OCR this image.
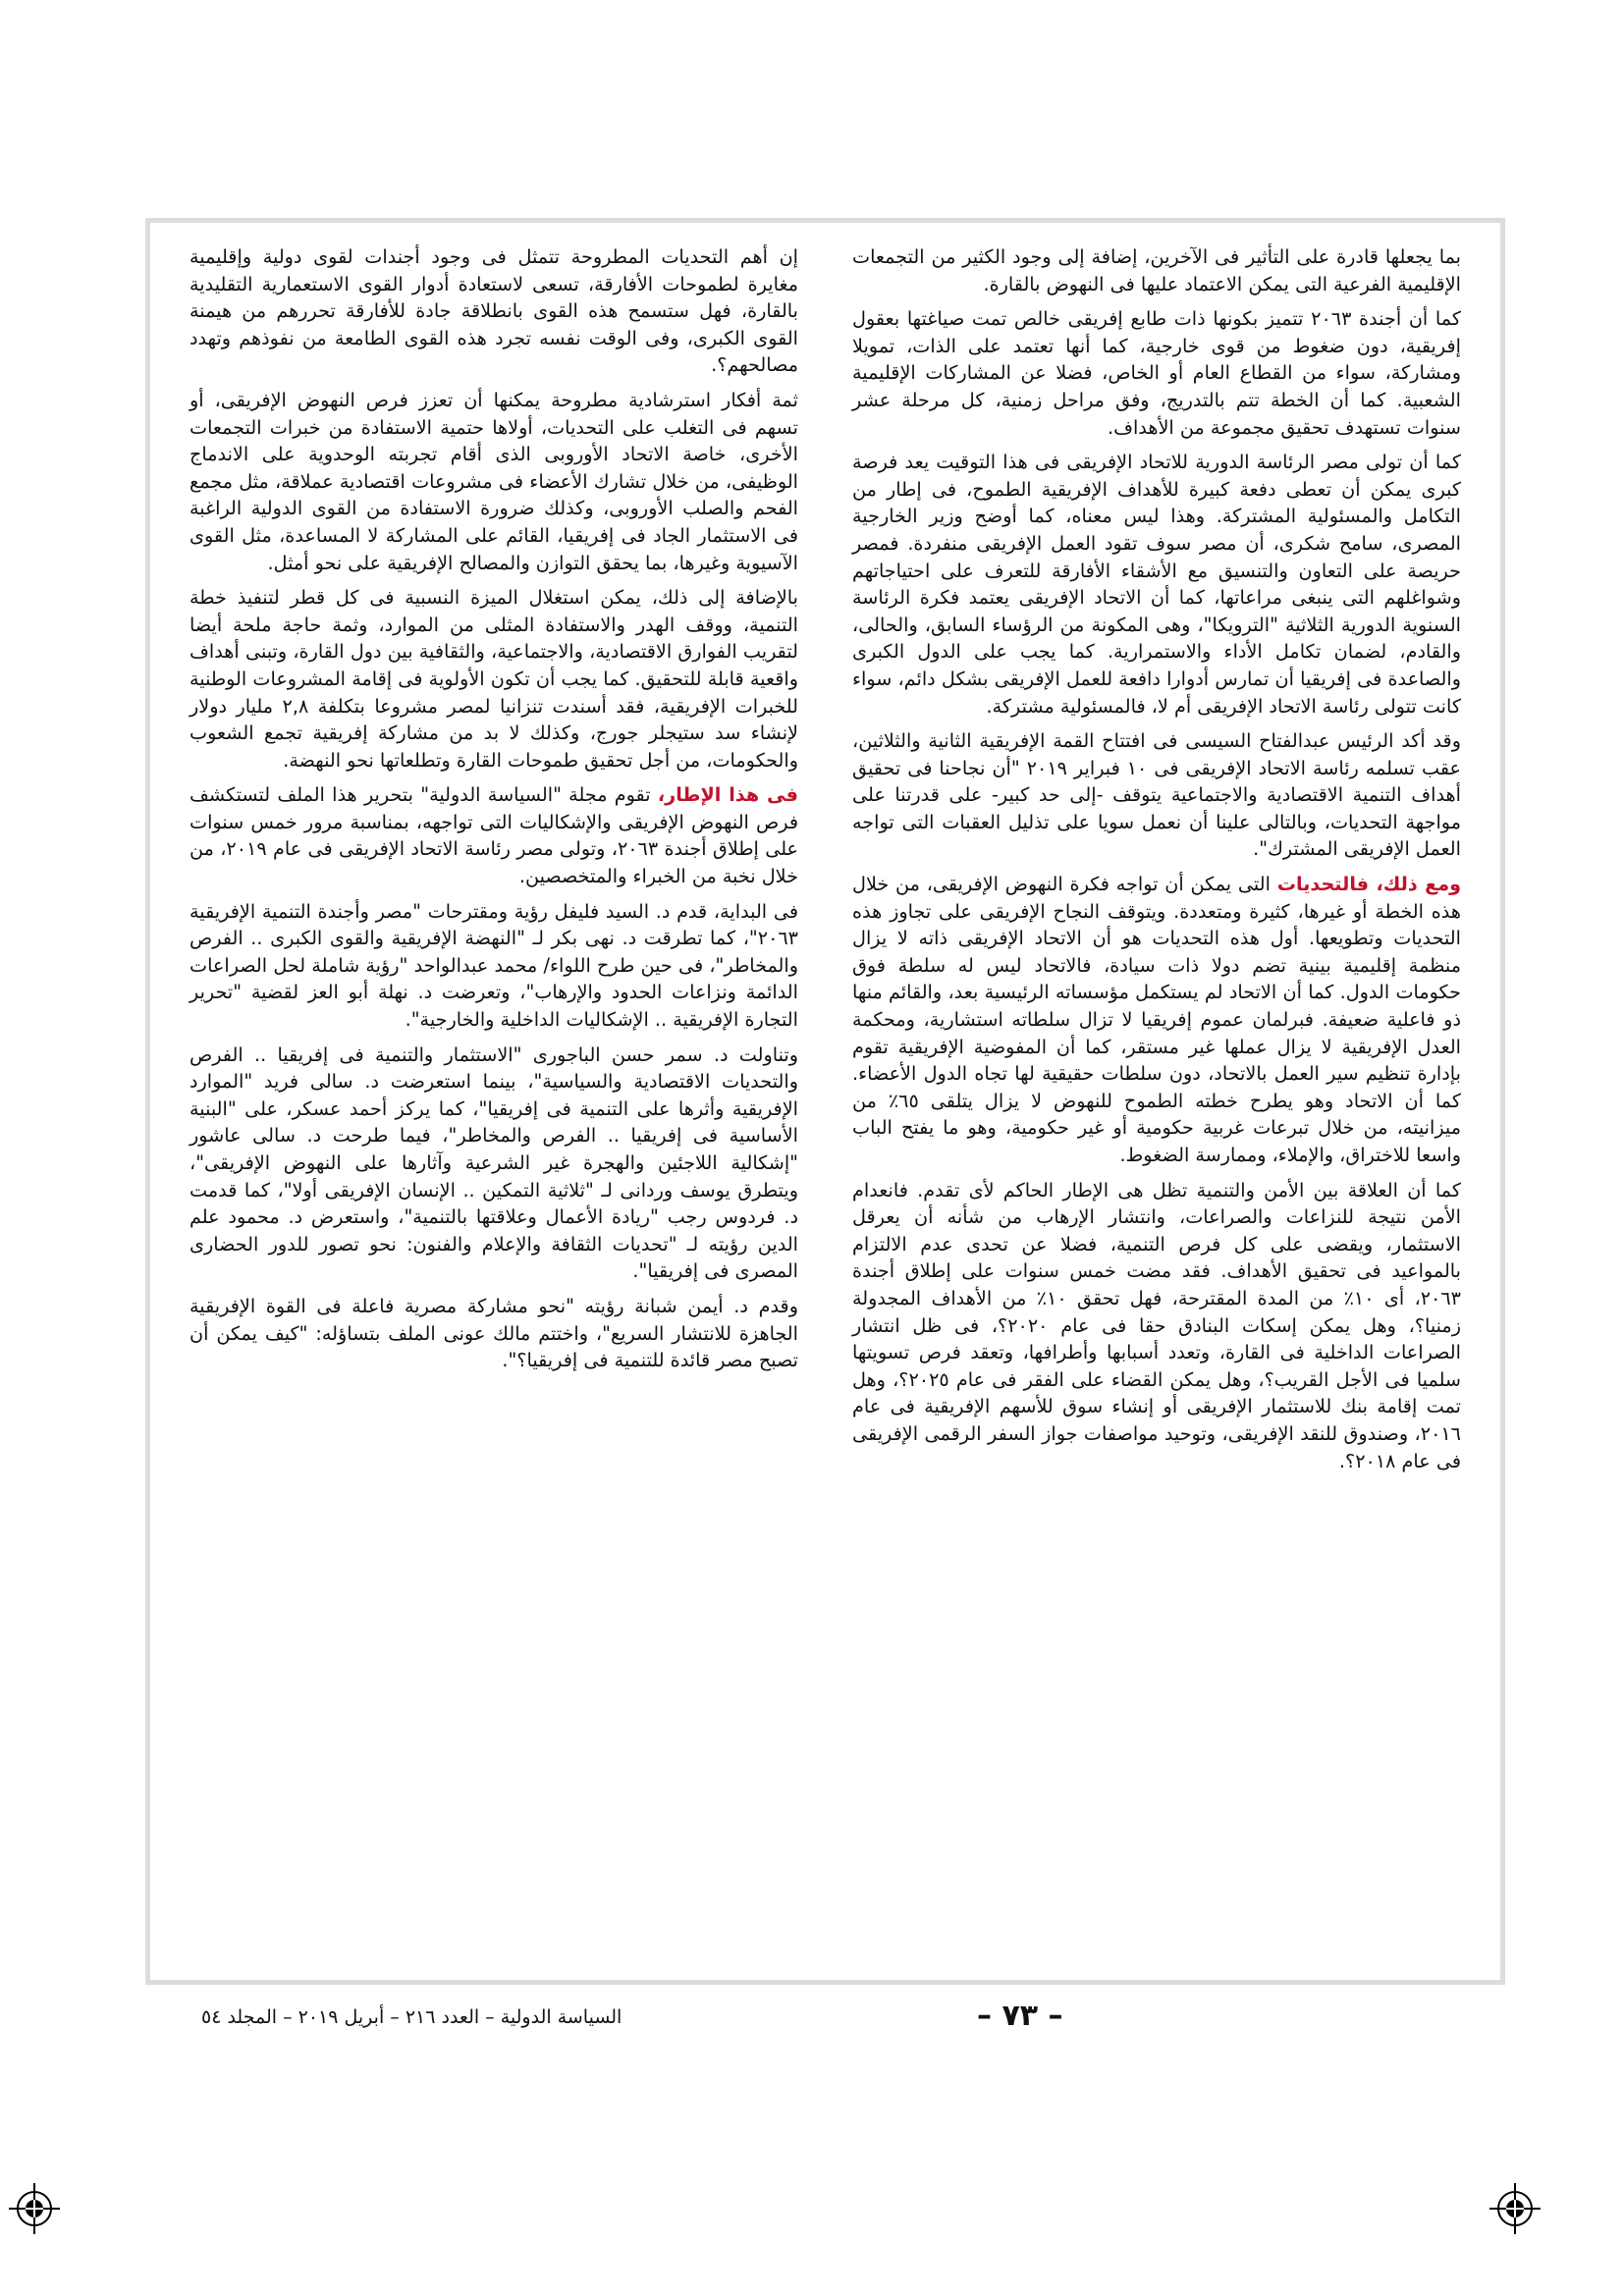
بما يجعلها قادرة على التأثير فى الآخرين، إضافة إلى وجود الكثير من التجمعات الإقليمية الفرعية التى يمكن الاعتماد عليها فى النهوض بالقارة.

كما أن أجندة ٢٠٦٣ تتميز بكونها ذات طابع إفريقى خالص تمت صياغتها بعقول إفريقية، دون ضغوط من قوى خارجية، كما أنها تعتمد على الذات، تمويلا ومشاركة، سواء من القطاع العام أو الخاص، فضلا عن المشاركات الإقليمية الشعبية. كما أن الخطة تتم بالتدريج، وفق مراحل زمنية، كل مرحلة عشر سنوات تستهدف تحقيق مجموعة من الأهداف.

كما أن تولى مصر الرئاسة الدورية للاتحاد الإفريقى فى هذا التوقيت يعد فرصة كبرى يمكن أن تعطى دفعة كبيرة للأهداف الإفريقية الطموح، فى إطار من التكامل والمسئولية المشتركة. وهذا ليس معناه، كما أوضح وزير الخارجية المصرى، سامح شكرى، أن مصر سوف تقود العمل الإفريقى منفردة. فمصر حريصة على التعاون والتنسيق مع الأشقاء الأفارقة للتعرف على احتياجاتهم وشواغلهم التى ينبغى مراعاتها، كما أن الاتحاد الإفريقى يعتمد فكرة الرئاسة السنوية الدورية الثلاثية "الترويكا"، وهى المكونة من الرؤساء السابق، والحالى، والقادم، لضمان تكامل الأداء والاستمرارية. كما يجب على الدول الكبرى والصاعدة فى إفريقيا أن تمارس أدوارا دافعة للعمل الإفريقى بشكل دائم، سواء كانت تتولى رئاسة الاتحاد الإفريقى أم لا، فالمسئولية مشتركة.

وقد أكد الرئيس عبدالفتاح السيسى فى افتتاح القمة الإفريقية الثانية والثلاثين، عقب تسلمه رئاسة الاتحاد الإفريقى فى ١٠ فبراير ٢٠١٩ "أن نجاحنا فى تحقيق أهداف التنمية الاقتصادية والاجتماعية يتوقف -إلى حد كبير- على قدرتنا على مواجهة التحديات، وبالتالى علينا أن نعمل سويا على تذليل العقبات التى تواجه العمل الإفريقى المشترك".

ومع ذلك، فالتحديات التى يمكن أن تواجه فكرة النهوض الإفريقى، من خلال هذه الخطة أو غيرها، كثيرة ومتعددة. ويتوقف النجاح الإفريقى على تجاوز هذه التحديات وتطويعها. أول هذه التحديات هو أن الاتحاد الإفريقى ذاته لا يزال منظمة إقليمية بينية تضم دولا ذات سيادة، فالاتحاد ليس له سلطة فوق حكومات الدول. كما أن الاتحاد لم يستكمل مؤسساته الرئيسية بعد، والقائم منها ذو فاعلية ضعيفة. فبرلمان عموم إفريقيا لا تزال سلطاته استشارية، ومحكمة العدل الإفريقية لا يزال عملها غير مستقر، كما أن المفوضية الإفريقية تقوم بإدارة تنظيم سير العمل بالاتحاد، دون سلطات حقيقية لها تجاه الدول الأعضاء. كما أن الاتحاد وهو يطرح خطته الطموح للنهوض لا يزال يتلقى ٦٥٪ من ميزانيته، من خلال تبرعات غربية حكومية أو غير حكومية، وهو ما يفتح الباب واسعا للاختراق، والإملاء، وممارسة الضغوط.

كما أن العلاقة بين الأمن والتنمية تظل هى الإطار الحاكم لأى تقدم. فانعدام الأمن نتيجة للنزاعات والصراعات، وانتشار الإرهاب من شأنه أن يعرقل الاستثمار، ويقضى على كل فرص التنمية، فضلا عن تحدى عدم الالتزام بالمواعيد فى تحقيق الأهداف. فقد مضت خمس سنوات على إطلاق أجندة ٢٠٦٣، أى ١٠٪ من المدة المقترحة، فهل تحقق ١٠٪ من الأهداف المجدولة زمنيا؟، وهل يمكن إسكات البنادق حقا فى عام ٢٠٢٠؟، فى ظل انتشار الصراعات الداخلية فى القارة، وتعدد أسبابها وأطرافها، وتعقد فرص تسويتها سلميا فى الأجل القريب؟، وهل يمكن القضاء على الفقر فى عام ٢٠٢٥؟، وهل تمت إقامة بنك للاستثمار الإفريقى أو إنشاء سوق للأسهم الإفريقية فى عام ٢٠١٦، وصندوق للنقد الإفريقى، وتوحيد مواصفات جواز السفر الرقمى الإفريقى فى عام ٢٠١٨؟.

إن أهم التحديات المطروحة تتمثل فى وجود أجندات لقوى دولية وإقليمية مغايرة لطموحات الأفارقة، تسعى لاستعادة أدوار القوى الاستعمارية التقليدية بالقارة، فهل ستسمح هذه القوى بانطلاقة جادة للأفارقة تحررهم من هيمنة القوى الكبرى، وفى الوقت نفسه تجرد هذه القوى الطامعة من نفوذهم وتهدد مصالحهم؟.

ثمة أفكار استرشادية مطروحة يمكنها أن تعزز فرص النهوض الإفريقى، أو تسهم فى التغلب على التحديات، أولاها حتمية الاستفادة من خبرات التجمعات الأخرى، خاصة الاتحاد الأوروبى الذى أقام تجربته الوحدوية على الاندماج الوظيفى، من خلال تشارك الأعضاء فى مشروعات اقتصادية عملاقة، مثل مجمع الفحم والصلب الأوروبى، وكذلك ضرورة الاستفادة من القوى الدولية الراغبة فى الاستثمار الجاد فى إفريقيا، القائم على المشاركة لا المساعدة، مثل القوى الآسيوية وغيرها، بما يحقق التوازن والمصالح الإفريقية على نحو أمثل.

بالإضافة إلى ذلك، يمكن استغلال الميزة النسبية فى كل قطر لتنفيذ خطة التنمية، ووقف الهدر والاستفادة المثلى من الموارد، وثمة حاجة ملحة أيضا لتقريب الفوارق الاقتصادية، والاجتماعية، والثقافية بين دول القارة، وتبنى أهداف واقعية قابلة للتحقيق. كما يجب أن تكون الأولوية فى إقامة المشروعات الوطنية للخبرات الإفريقية، فقد أسندت تنزانيا لمصر مشروعا بتكلفة ٢,٨ مليار دولار لإنشاء سد ستيجلر جورج، وكذلك لا بد من مشاركة إفريقية تجمع الشعوب والحكومات، من أجل تحقيق طموحات القارة وتطلعاتها نحو النهضة.

فى هذا الإطار، تقوم مجلة "السياسة الدولية" بتحرير هذا الملف لتستكشف فرص النهوض الإفريقى والإشكاليات التى تواجهه، بمناسبة مرور خمس سنوات على إطلاق أجندة ٢٠٦٣، وتولى مصر رئاسة الاتحاد الإفريقى فى عام ٢٠١٩، من خلال نخبة من الخبراء والمتخصصين.

فى البداية، قدم د. السيد فليفل رؤية ومقترحات "مصر وأجندة التنمية الإفريقية ٢٠٦٣"، كما تطرقت د. نهى بكر لـ "النهضة الإفريقية والقوى الكبرى .. الفرص والمخاطر"، فى حين طرح اللواء/ محمد عبدالواحد "رؤية شاملة لحل الصراعات الدائمة ونزاعات الحدود والإرهاب"، وتعرضت د. نهلة أبو العز لقضية "تحرير التجارة الإفريقية .. الإشكاليات الداخلية والخارجية".

وتناولت د. سمر حسن الباجورى "الاستثمار والتنمية فى إفريقيا .. الفرص والتحديات الاقتصادية والسياسية"، بينما استعرضت د. سالى فريد "الموارد الإفريقية وأثرها على التنمية فى إفريقيا"، كما يركز أحمد عسكر، على "البنية الأساسية فى إفريقيا .. الفرص والمخاطر"، فيما طرحت د. سالى عاشور "إشكالية اللاجئين والهجرة غير الشرعية وآثارها على النهوض الإفريقى"، ويتطرق يوسف وردانى لـ "ثلاثية التمكين .. الإنسان الإفريقى أولا"، كما قدمت د. فردوس رجب "ريادة الأعمال وعلاقتها بالتنمية"، واستعرض د. محمود علم الدين رؤيته لـ "تحديات الثقافة والإعلام والفنون: نحو تصور للدور الحضارى المصرى فى إفريقيا".

وقدم د. أيمن شبانة رؤيته "نحو مشاركة مصرية فاعلة فى القوة الإفريقية الجاهزة للانتشار السريع"، واختتم مالك عونى الملف بتساؤله: "كيف يمكن أن تصبح مصر قائدة للتنمية فى إفريقيا؟".

السياسة الدولية – العدد ٢١٦ – أبريل ٢٠١٩ – المجلد ٥٤	– ٧٣ –
